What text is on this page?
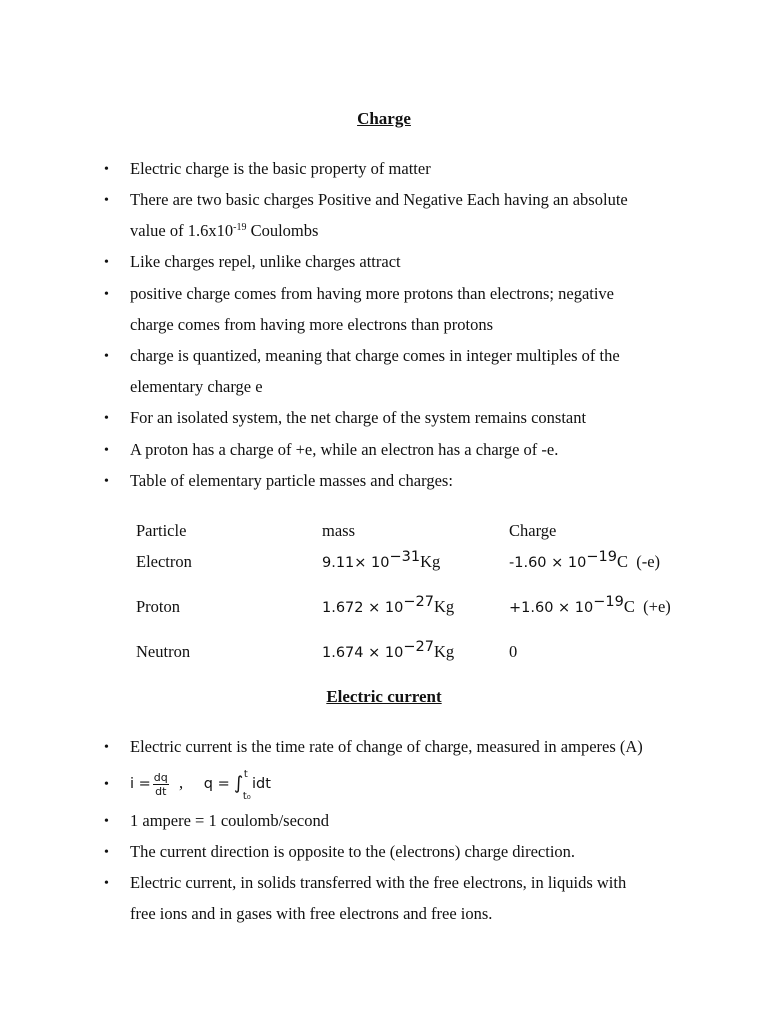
Charge
• Electric charge is the basic property of matter
• There are two basic charges Positive and Negative Each having an absolute
value of $1.6x10^{-19}$ Coulombs
• Like charges repel, unlike charges attract
• positive charge comes from having more protons than electrons; negative
charge comes from having more electrons than protons
• charge is quantized, meaning that charge comes in integer multiples of the
elementary charge e
• For an isolated system, the net charge of the system remains constant
• A proton has a charge of +e, while an electron has a charge of -e.
• Table of elementary particle masses and charges:
Particle	mass	Charge
Electron	$9.11\times 10^{-31}Kg$	$-1.60 \times 10^{-19}C$ (-e)
Proton	$1.672 \times 10^{-27}Kg$	$+1.60 \times 10^{-19}C$ (+e)
Neutron	$1.674 \times 10^{-27}Kg$	0
Electric current
• Electric current is the time rate of change of charge, measured in amperes (A)
• $i = \frac{dq}{dt}$ , q = ∫ t
t₀
idt
• 1 ampere = 1 coulomb/second
• The current direction is opposite to the (electrons) charge direction.
• Electric current, in solids transferred with the free electrons, in liquids with
free ions and in gases with free electrons and free ions.
